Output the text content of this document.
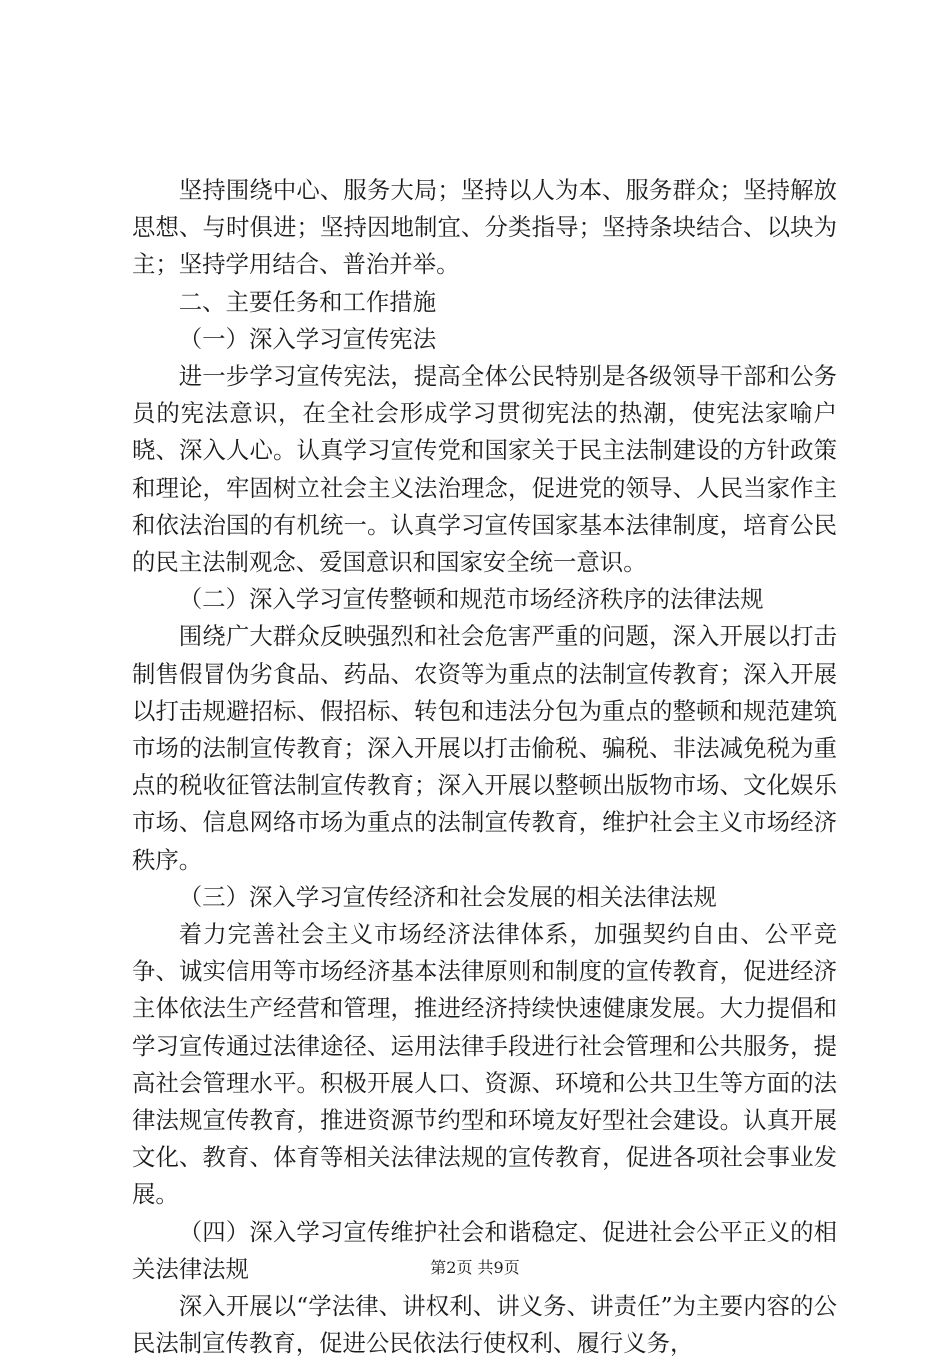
坚持围绕中心、服务大局；坚持以人为本、服务群众；坚持解放思想、与时俱进；坚持因地制宜、分类指导；坚持条块结合、以块为主；坚持学用结合、普治并举。

二、主要任务和工作措施

（一）深入学习宣传宪法

进一步学习宣传宪法，提高全体公民特别是各级领导干部和公务员的宪法意识，在全社会形成学习贯彻宪法的热潮，使宪法家喻户晓、深入人心。认真学习宣传党和国家关于民主法制建设的方针政策和理论，牢固树立社会主义法治理念，促进党的领导、人民当家作主和依法治国的有机统一。认真学习宣传国家基本法律制度，培育公民的民主法制观念、爱国意识和国家安全统一意识。

（二）深入学习宣传整顿和规范市场经济秩序的法律法规

围绕广大群众反映强烈和社会危害严重的问题，深入开展以打击制售假冒伪劣食品、药品、农资等为重点的法制宣传教育；深入开展以打击规避招标、假招标、转包和违法分包为重点的整顿和规范建筑市场的法制宣传教育；深入开展以打击偷税、骗税、非法减免税为重点的税收征管法制宣传教育；深入开展以整顿出版物市场、文化娱乐市场、信息网络市场为重点的法制宣传教育，维护社会主义市场经济秩序。

（三）深入学习宣传经济和社会发展的相关法律法规

着力完善社会主义市场经济法律体系，加强契约自由、公平竞争、诚实信用等市场经济基本法律原则和制度的宣传教育，促进经济主体依法生产经营和管理，推进经济持续快速健康发展。大力提倡和学习宣传通过法律途径、运用法律手段进行社会管理和公共服务，提高社会管理水平。积极开展人口、资源、环境和公共卫生等方面的法律法规宣传教育，推进资源节约型和环境友好型社会建设。认真开展文化、教育、体育等相关法律法规的宣传教育，促进各项社会事业发展。

（四）深入学习宣传维护社会和谐稳定、促进社会公平正义的相关法律法规

深入开展以“学法律、讲权利、讲义务、讲责任”为主要内容的公民法制宣传教育，促进公民依法行使权利、履行义务，

第2页 共9页
